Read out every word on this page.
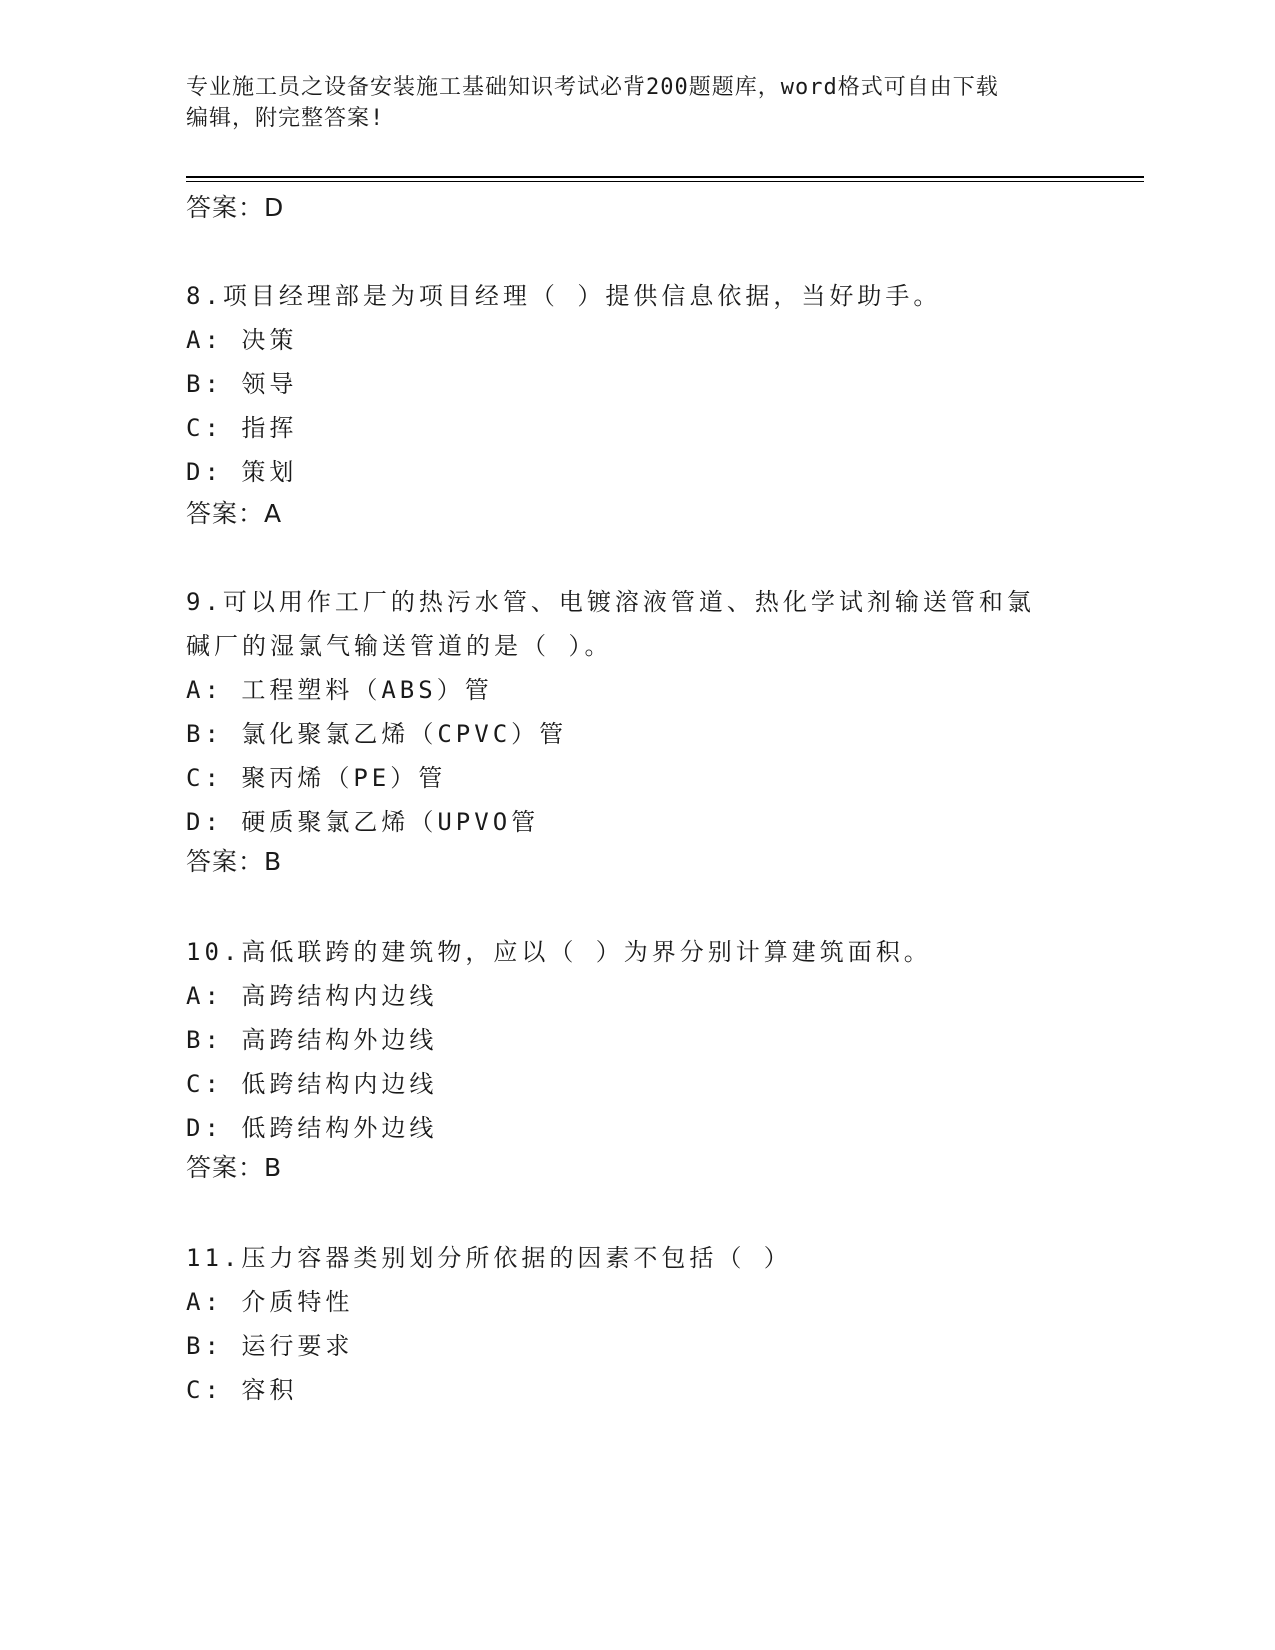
专业施工员之设备安装施工基础知识考试必背200题题库，word格式可自由下载
编辑，附完整答案!
答案：D
8.项目经理部是为项目经理（ ）提供信息依据，当好助手。
A: 决策
B: 领导
C: 指挥
D: 策划
答案：A
9.可以用作工厂的热污水管、电镀溶液管道、热化学试剂输送管和氯
碱厂的湿氯气输送管道的是（ ）。
A: 工程塑料（ABS）管
B: 氯化聚氯乙烯（CPVC）管
C: 聚丙烯（PE）管
D: 硬质聚氯乙烯（UPVO管
答案：B
10.高低联跨的建筑物，应以（ ）为界分别计算建筑面积。
A: 高跨结构内边线
B: 高跨结构外边线
C: 低跨结构内边线
D: 低跨结构外边线
答案：B
11.压力容器类别划分所依据的因素不包括（ ）
A: 介质特性
B: 运行要求
C: 容积
